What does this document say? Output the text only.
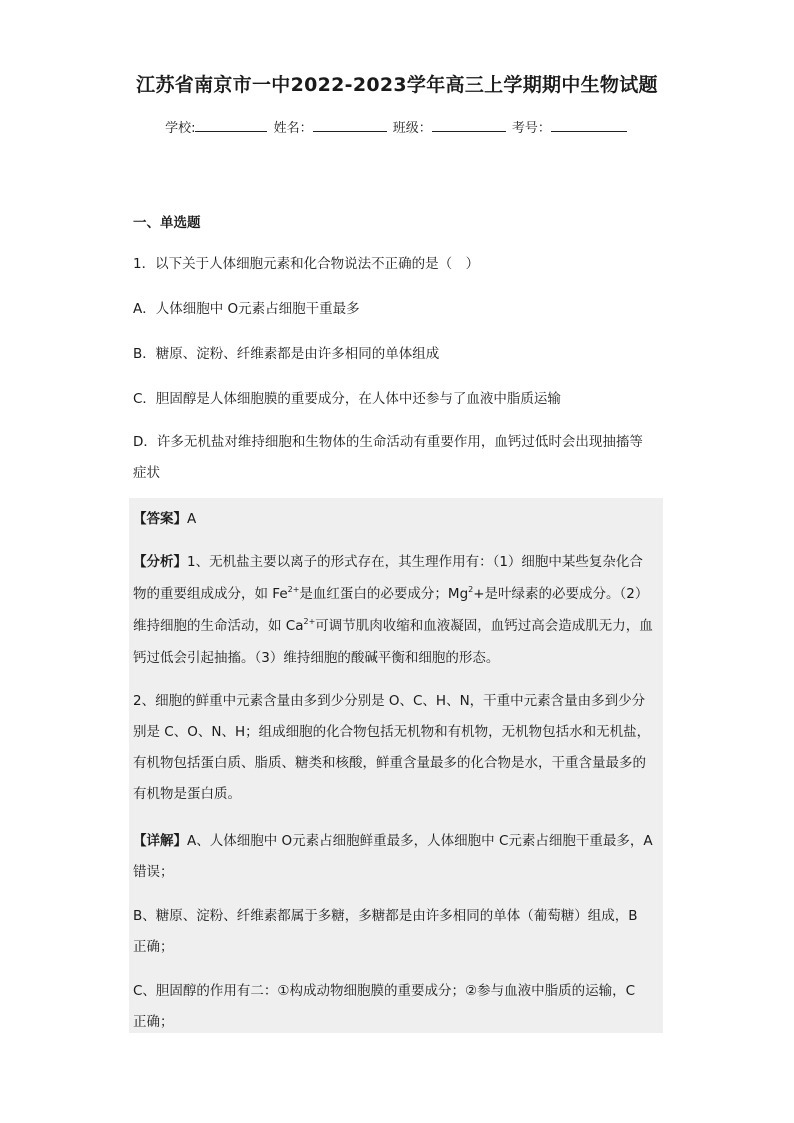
江苏省南京市一中2022-2023学年高三上学期期中生物试题
学校:	姓名：	班级：	考号：
一、单选题
1．以下关于人体细胞元素和化合物说法不正确的是（　）
A．人体细胞中 O元素占细胞干重最多
B．糖原、淀粉、纤维素都是由许多相同的单体组成
C．胆固醇是人体细胞膜的重要成分，在人体中还参与了血液中脂质运输
D．许多无机盐对维持细胞和生物体的生命活动有重要作用，血钙过低时会出现抽搐等
症状
【答案】A
【分析】1、无机盐主要以离子的形式存在，其生理作用有：（1）细胞中某些复杂化合
物的重要组成成分，如 $Fe^{2+}$是血红蛋白的必要成分；$Mg^2+$是叶绿素的必要成分。（2）
维持细胞的生命活动，如 $Ca^{2+}$可调节肌肉收缩和血液凝固，血钙过高会造成肌无力，血
钙过低会引起抽搐。（3）维持细胞的酸碱平衡和细胞的形态。
2、细胞的鲜重中元素含量由多到少分别是 O、C、H、N，干重中元素含量由多到少分
别是 C、O、N、H；组成细胞的化合物包括无机物和有机物，无机物包括水和无机盐，
有机物包括蛋白质、脂质、糖类和核酸，鲜重含量最多的化合物是水，干重含量最多的
有机物是蛋白质。
【详解】A、人体细胞中 O元素占细胞鲜重最多，人体细胞中 C元素占细胞干重最多，A
错误；
B、糖原、淀粉、纤维素都属于多糖，多糖都是由许多相同的单体（葡萄糖）组成，B
正确；
C、胆固醇的作用有二：①构成动物细胞膜的重要成分；②参与血液中脂质的运输，C
正确；
